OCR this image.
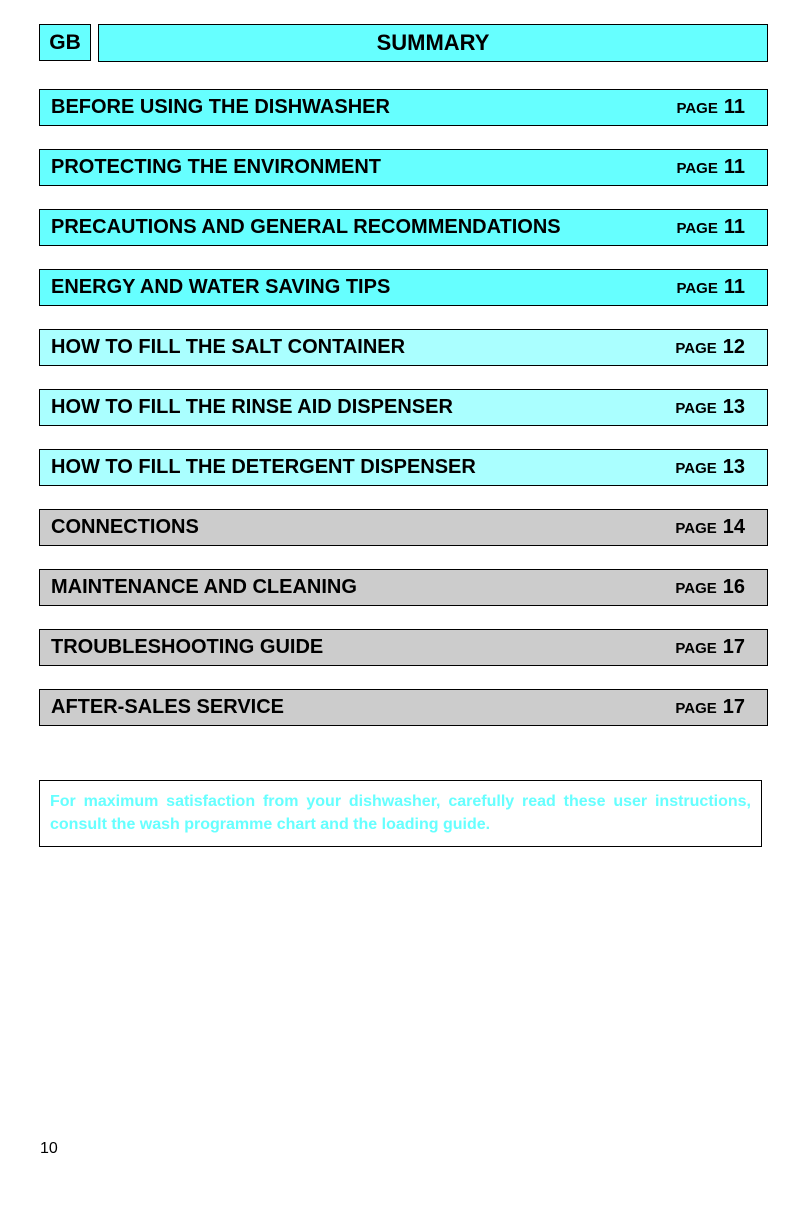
GB	SUMMARY
BEFORE USING THE DISHWASHER	PAGE 11
PROTECTING THE ENVIRONMENT	PAGE 11
PRECAUTIONS AND GENERAL RECOMMENDATIONS	PAGE 11
ENERGY AND WATER SAVING TIPS	PAGE 11
HOW TO FILL THE SALT CONTAINER	PAGE 12
HOW TO FILL THE RINSE AID DISPENSER	PAGE 13
HOW TO FILL THE DETERGENT DISPENSER	PAGE 13
CONNECTIONS	PAGE 14
MAINTENANCE AND CLEANING	PAGE 16
TROUBLESHOOTING GUIDE	PAGE 17
AFTER-SALES SERVICE	PAGE 17
For maximum satisfaction from your dishwasher, carefully read these user instructions, consult the wash programme chart and the loading guide.
10
